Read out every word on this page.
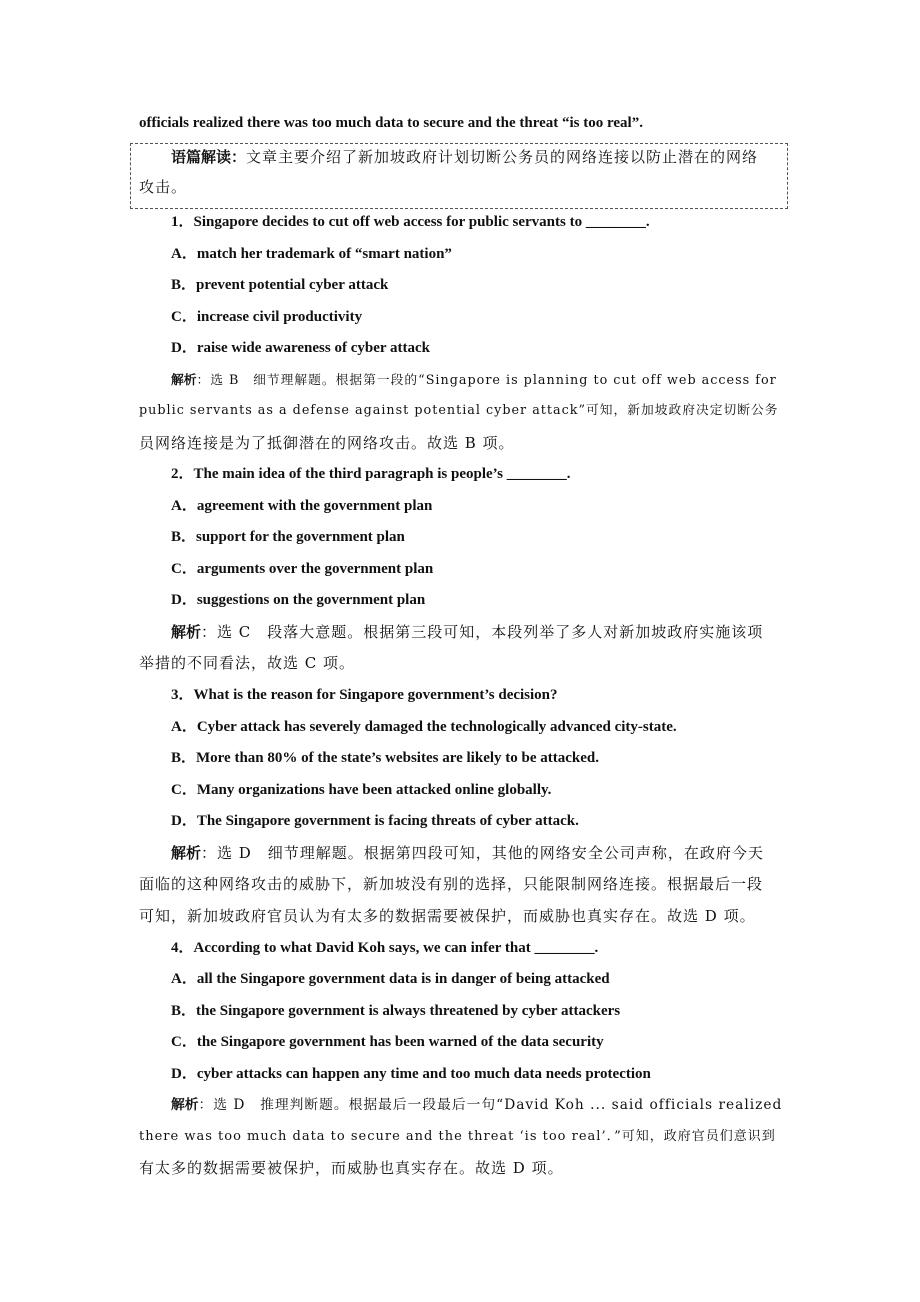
officials realized there was too much data to secure and the threat “is too real”.
语篇解读：文章主要介绍了新加坡政府计划切断公务员的网络连接以防止潜在的网络
攻击。
1．Singapore decides to cut off web access for public servants to ________.
A．match her trademark of “smart nation”
B．prevent potential cyber attack
C．increase civil productivity
D．raise wide awareness of cyber attack
解析：选 B　细节理解题。根据第一段的“Singapore is planning to cut off web access for
public servants as a defense against potential cyber attack”可知，新加坡政府决定切断公务
员网络连接是为了抵御潜在的网络攻击。故选 B 项。
2．The main idea of the third paragraph is people’s ________.
A．agreement with the government plan
B．support for the government plan
C．arguments over the government plan
D．suggestions on the government plan
解析：选 C　段落大意题。根据第三段可知，本段列举了多人对新加坡政府实施该项
举措的不同看法，故选 C 项。
3．What is the reason for Singapore government’s decision?
A．Cyber attack has severely damaged the technologically advanced city-state.
B．More than 80% of the state’s websites are likely to be attacked.
C．Many organizations have been attacked online globally.
D．The Singapore government is facing threats of cyber attack.
解析：选 D　细节理解题。根据第四段可知，其他的网络安全公司声称，在政府今天
面临的这种网络攻击的威胁下，新加坡没有别的选择，只能限制网络连接。根据最后一段
可知，新加坡政府官员认为有太多的数据需要被保护，而威胁也真实存在。故选 D 项。
4．According to what David Koh says, we can infer that ________.
A．all the Singapore government data is in danger of being attacked
B．the Singapore government is always threatened by cyber attackers
C．the Singapore government has been warned of the data security
D．cyber attacks can happen any time and too much data needs protection
解析：选 D　推理判断题。根据最后一段最后一句“David Koh ... said officials realized
there was too much data to secure and the threat ‘is too real’．”可知，政府官员们意识到
有太多的数据需要被保护，而威胁也真实存在。故选 D 项。
